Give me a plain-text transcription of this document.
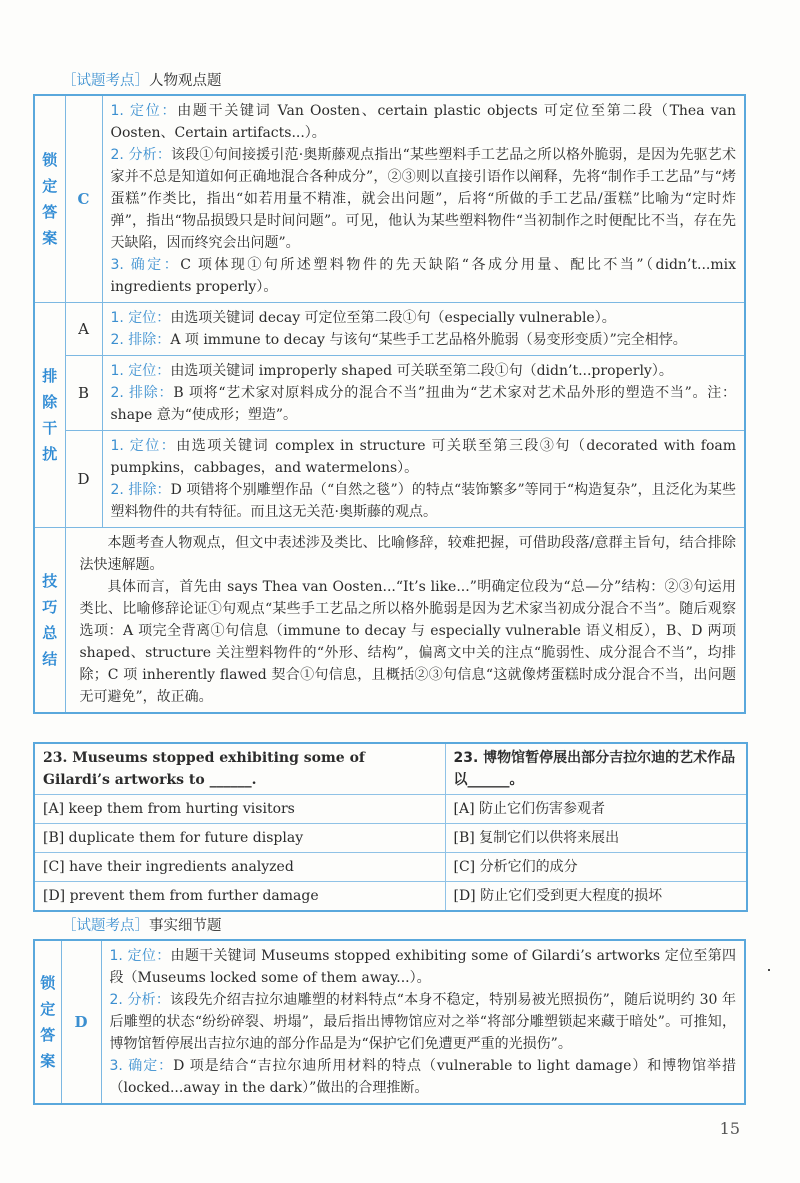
［试题考点］人物观点题
锁定答案	C	1. 定位：由题干关键词 Van Oosten、certain plastic objects 可定位至第二段（Thea van Oosten、Certain artifacts...）。

2. 分析：该段①句间接援引范·奥斯藤观点指出“某些塑料手工艺品之所以格外脆弱，是因为先驱艺术家并不总是知道如何正确地混合各种成分”，②③则以直接引语作以阐释，先将“制作手工艺品”与“烤蛋糕”作类比，指出“如若用量不精准，就会出问题”，后将“所做的手工艺品/蛋糕”比喻为“定时炸弹”，指出“物品损毁只是时间问题”。可见，他认为某些塑料物件“当初制作之时便配比不当，存在先天缺陷，因而终究会出问题”。

3. 确定：C 项体现①句所述塑料物件的先天缺陷“各成分用量、配比不当”（didn’t...mix ingredients properly）。

排除干扰	A	1. 定位：由选项关键词 decay 可定位至第二段①句（especially vulnerable）。

2. 排除：A 项 immune to decay 与该句“某些手工艺品格外脆弱（易变形变质）”完全相悖。

	B	1. 定位：由选项关键词 improperly shaped 可关联至第二段①句（didn’t...properly）。

2. 排除：B 项将“艺术家对原料成分的混合不当”扭曲为“艺术家对艺术品外形的塑造不当”。注：shape 意为“使成形；塑造”。

	D	1. 定位：由选项关键词 complex in structure 可关联至第三段③句（decorated with foam pumpkins，cabbages，and watermelons）。

2. 排除：D 项错将个别雕塑作品（“自然之毯”）的特点“装饰繁多”等同于“构造复杂”，且泛化为某些塑料物件的共有特征。而且这无关范·奥斯藤的观点。

技巧总结	本题考查人物观点，但文中表述涉及类比、比喻修辞，较难把握，可借助段落/意群主旨句，结合排除法快速解题。

具体而言，首先由 says Thea van Oosten...“It’s like...”明确定位段为“总—分”结构：②③句运用类比、比喻修辞论证①句观点“某些手工艺品之所以格外脆弱是因为艺术家当初成分混合不当”。随后观察选项：A 项完全背离①句信息（immune to decay 与 especially vulnerable 语义相反），B、D 两项 shaped、structure 关注塑料物件的“外形、结构”，偏离文中关的注点“脆弱性、成分混合不当”，均排除；C 项 inherently flawed 契合①句信息，且概括②③句信息“这就像烤蛋糕时成分混合不当，出问题无可避免”，故正确。	

23. Museums stopped exhibiting some of Gilardi’s artworks to ______.	23. 博物馆暂停展出部分吉拉尔迪的艺术作品以______。
[A] keep them from hurting visitors	[A] 防止它们伤害参观者
[B] duplicate them for future display	[B] 复制它们以供将来展出
[C] have their ingredients analyzed	[C] 分析它们的成分
[D] prevent them from further damage	[D] 防止它们受到更大程度的损坏
［试题考点］事实细节题
锁定答案	D	

1. 定位：由题干关键词 Museums stopped exhibiting some of Gilardi’s artworks 定位至第四段（Museums locked some of them away...）。

2. 分析：该段先介绍吉拉尔迪雕塑的材料特点“本身不稳定，特别易被光照损伤”，随后说明约 30 年后雕塑的状态“纷纷碎裂、坍塌”，最后指出博物馆应对之举“将部分雕塑锁起来藏于暗处”。可推知，博物馆暂停展出吉拉尔迪的部分作品是为“保护它们免遭更严重的光损伤”。

3. 确定：D 项是结合“吉拉尔迪所用材料的特点（vulnerable to light damage）和博物馆举措（locked...away in the dark）”做出的合理推断。

15
